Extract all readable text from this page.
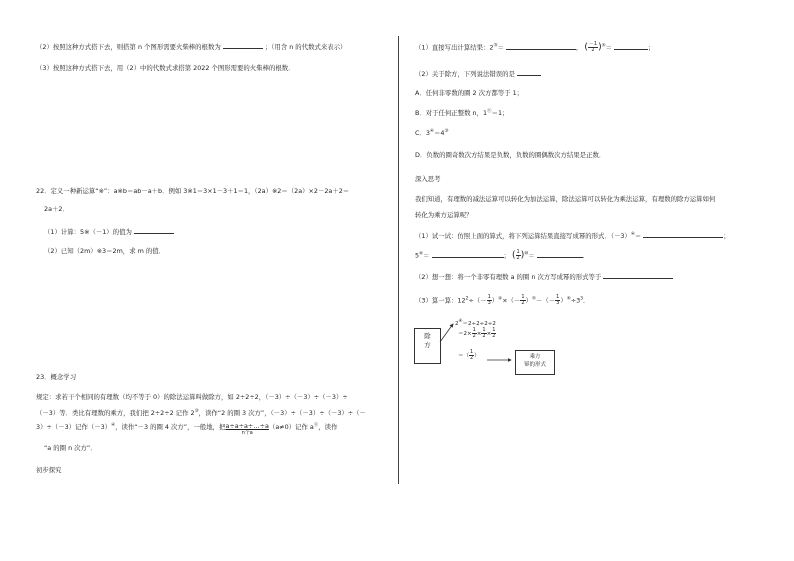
（2）按照这种方式搭下去，则搭第 n 个图形需要火柴棒的根数为	；（用含 n 的代数式来表示）
（3）按照这种方式搭下去，用（2）中的代数式求搭第 2022 个图形需要的火柴棒的根数．
22．定义一种新运算“※”：a※b＝ab－a＋b．例如 3※1＝3×1－3＋1＝1，（2a）※2＝（2a）×2－2a＋2＝
2a＋2．
（1）计算：5※（－1）的值为
（2）已知（2m）※3＝2m，求 m 的值．
23．概念学习
规定：求若干个相同的有理数（均不等于 0）的除法运算叫做除方，如 2÷2÷2，（－3）÷（－3）÷（－3）÷
（－3）等．类比有理数的乘方，我们把 2÷2÷2 记作 2③，读作“2 的圈 3 次方”，（－3）÷（－3）÷（－3）÷（－
3）÷（－3）记作（－3）④，读作“－3 的圈 4 次方”，一般地，把 a÷a÷a÷…÷a
n个a
（a≠0）记作 aⓝ，读作
“a 的圈 n 次方”．
初步探究
（1）直接写出计算结果：2③＝	， ( $\frac{-1}{2} )^⑤=$	；
（2）关于除方，下列说法错误的是
A．任何非零数的圈 2 次方都等于 1；
B．对于任何正整数 n，1ⓝ＝1；
C．3④＝4③
D．负数的圈奇数次方结果是负数，负数的圈偶数次方结果是正数．
深入思考
我们知道，有理数的减法运算可以转化为加法运算，除法运算可以转化为乘法运算，有理数的除方运算如何
转化为乘方运算呢？
（1）试一试：仿照上面的算式，将下列运算结果直接写成幂的形式．（－3）④＝	；
5⑥＝	； ( $\frac{1}{2} )^⑩=$	．
（2）想一想：将一个非零有理数 a 的圈 n 次方写成幂的形式等于
（3）算一算：$12^2\div(- \frac{1}{3} )^④\times(- \frac{1}{2} )^⑤-(- \frac{1}{3} )^⑥\div 3^3$．
除
方
2④＝2÷2÷2÷2
$=2\times \frac{1}{2} \times \frac{1}{2} \times \frac{1}{2}$
＝（ $\frac{1}{2}$ ）	乘方
幂的形式
